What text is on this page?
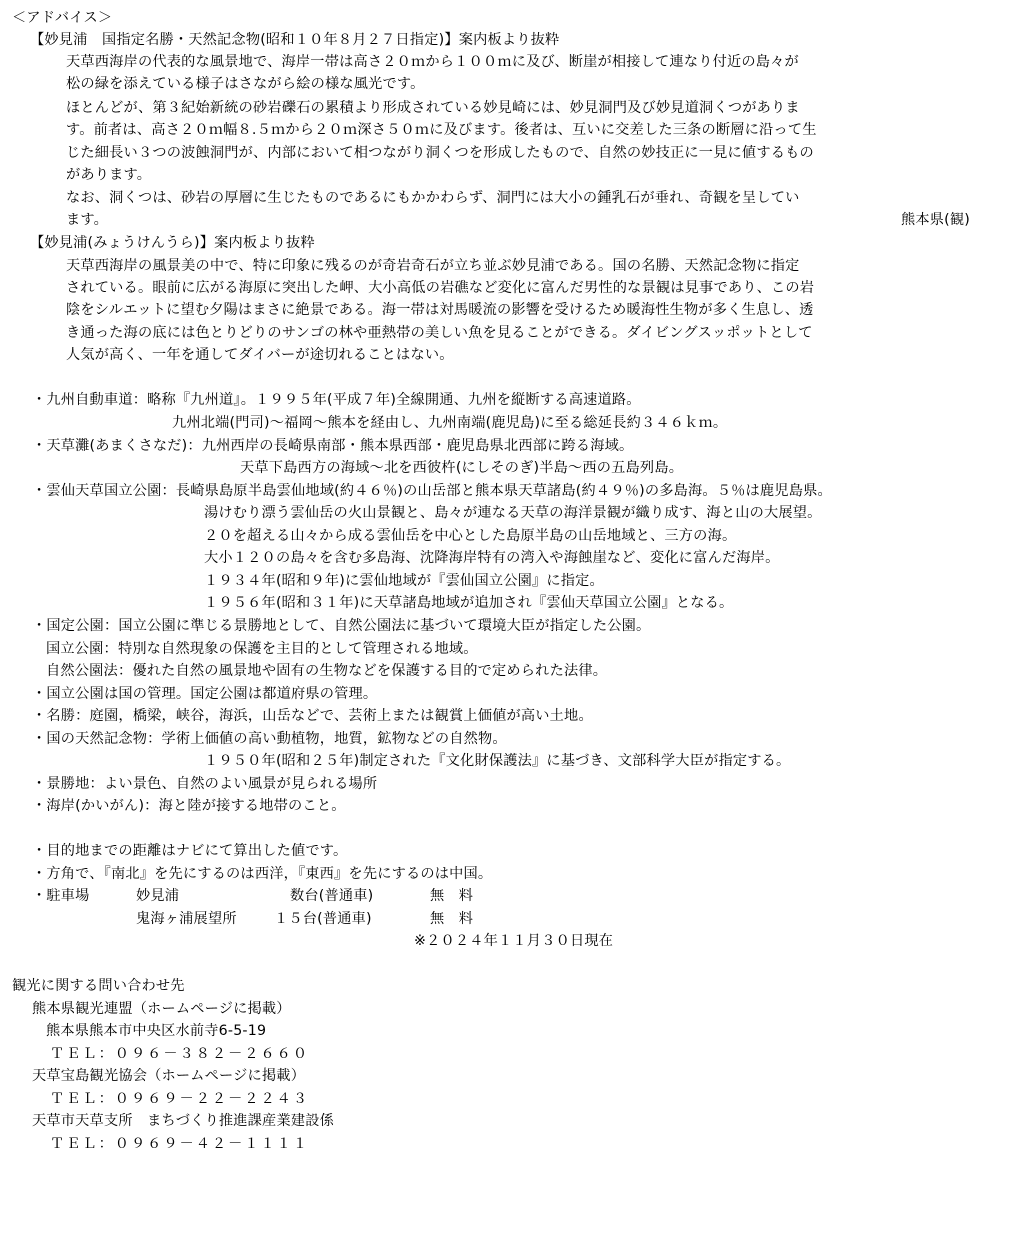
＜アドバイス＞
【妙見浦　国指定名勝・天然記念物(昭和１０年８月２７日指定)】案内板より抜粋
天草西海岸の代表的な風景地で、海岸一帯は高さ２０ｍから１００ｍに及び、断崖が相接して連なり付近の島々が
松の緑を添えている様子はさながら絵の様な風光です。
ほとんどが、第３紀始新統の砂岩礫石の累積より形成されている妙見崎には、妙見洞門及び妙見道洞くつがありま
す。前者は、高さ２０ｍ幅８.５ｍから２０ｍ深さ５０ｍに及びます。後者は、互いに交差した三条の断層に沿って生
じた細長い３つの波蝕洞門が、内部において相つながり洞くつを形成したもので、自然の妙技正に一見に値するもの
があります。
なお、洞くつは、砂岩の厚層に生じたものであるにもかかわらず、洞門には大小の鍾乳石が垂れ、奇観を呈してい
ます。	熊本県(観)
【妙見浦(みょうけんうら)】案内板より抜粋
天草西海岸の風景美の中で、特に印象に残るのが奇岩奇石が立ち並ぶ妙見浦である。国の名勝、天然記念物に指定
されている。眼前に広がる海原に突出した岬、大小高低の岩礁など変化に富んだ男性的な景観は見事であり、この岩
陰をシルエットに望む夕陽はまさに絶景である。海一帯は対馬暖流の影響を受けるため暖海性生物が多く生息し、透
き通った海の底には色とりどりのサンゴの林や亜熱帯の美しい魚を見ることができる。ダイビングスッポットとして
人気が高く、一年を通してダイバーが途切れることはない。
・九州自動車道：略称『九州道』。１９９５年(平成７年)全線開通、九州を縦断する高速道路。
九州北端(門司)～福岡～熊本を経由し、九州南端(鹿児島)に至る総延長約３４６ｋｍ。
・天草灘(あまくさなだ)：九州西岸の長崎県南部・熊本県西部・鹿児島県北西部に跨る海域。
天草下島西方の海域～北を西彼杵(にしそのぎ)半島～西の五島列島。
・雲仙天草国立公園：長崎県島原半島雲仙地域(約４６％)の山岳部と熊本県天草諸島(約４９％)の多島海。５％は鹿児島県。
湯けむり漂う雲仙岳の火山景観と、島々が連なる天草の海洋景観が織り成す、海と山の大展望。
２０を超える山々から成る雲仙岳を中心とした島原半島の山岳地域と、三方の海。
大小１２０の島々を含む多島海、沈降海岸特有の湾入や海蝕崖など、変化に富んだ海岸。
１９３４年(昭和９年)に雲仙地域が『雲仙国立公園』に指定。
１９５６年(昭和３１年)に天草諸島地域が追加され『雲仙天草国立公園』となる。
・国定公園：国立公園に準じる景勝地として、自然公園法に基づいて環境大臣が指定した公園。
国立公園：特別な自然現象の保護を主目的として管理される地域。
自然公園法：優れた自然の風景地や固有の生物などを保護する目的で定められた法律。
・国立公園は国の管理。国定公園は都道府県の管理。
・名勝：庭園，橋梁，峡谷，海浜，山岳などで、芸術上または観賞上価値が高い土地。
・国の天然記念物：学術上価値の高い動植物，地質，鉱物などの自然物。
１９５０年(昭和２５年)制定された『文化財保護法』に基づき、文部科学大臣が指定する。
・景勝地：よい景色、自然のよい風景が見られる場所
・海岸(かいがん)：海と陸が接する地帯のこと。
・目的地までの距離はナビにて算出した値です。
・方角で、『南北』を先にするのは西洋，『東西』を先にするのは中国。
・駐車場	妙見浦	数台(普通車)	無　料
鬼海ヶ浦展望所	１５台(普通車)	無　料
※２０２４年１１月３０日現在
観光に関する問い合わせ先
熊本県観光連盟（ホームページに掲載）
熊本県熊本市中央区水前寺6-5-19
ＴＥＬ：０９６－３８２－２６６０
天草宝島観光協会（ホームページに掲載）
ＴＥＬ：０９６９－２２－２２４３
天草市天草支所　まちづくり推進課産業建設係
ＴＥＬ：０９６９－４２－１１１１
